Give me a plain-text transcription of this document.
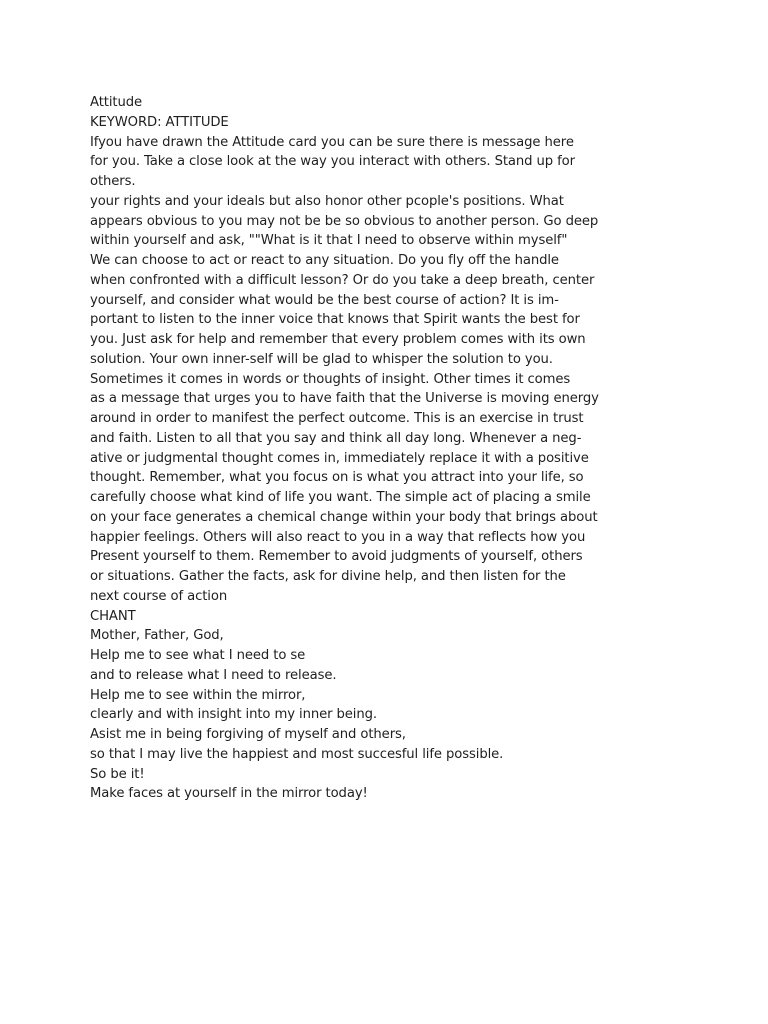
Attitude
KEYWORD: ATTITUDE
Ifyou have drawn the Attitude card you can be sure there is message here
for you. Take a close look at the way you interact with others. Stand up for
others.
your rights and your ideals but also honor other pcople's positions. What
appears obvious to you may not be be so obvious to another person. Go deep
within yourself and ask, ""What is it that I need to observe within myself"
We can choose to act or react to any situation. Do you fly off the handle
when confronted with a difficult lesson? Or do you take a deep breath, center
yourself, and consider what would be the best course of action? It is im-
portant to listen to the inner voice that knows that Spirit wants the best for
you. Just ask for help and remember that every problem comes with its own
solution. Your own inner-self will be glad to whisper the solution to you.
Sometimes it comes in words or thoughts of insight. Other times it comes
as a message that urges you to have faith that the Universe is moving energy
around in order to manifest the perfect outcome. This is an exercise in trust
and faith. Listen to all that you say and think all day long. Whenever a neg-
ative or judgmental thought comes in, immediately replace it with a positive
thought. Remember, what you focus on is what you attract into your life, so
carefully choose what kind of life you want. The simple act of placing a smile
on your face generates a chemical change within your body that brings about
happier feelings. Others will also react to you in a way that reflects how you
Present yourself to them. Remember to avoid judgments of yourself, others
or situations. Gather the facts, ask for divine help, and then listen for the
next course of action
CHANT
Mother, Father, God,
Help me to see what I need to se
and to release what I need to release.
Help me to see within the mirror,
clearly and with insight into my inner being.
Asist me in being forgiving of myself and others,
so that I may live the happiest and most succesful life possible.
So be it!
Make faces at yourself in the mirror today!
